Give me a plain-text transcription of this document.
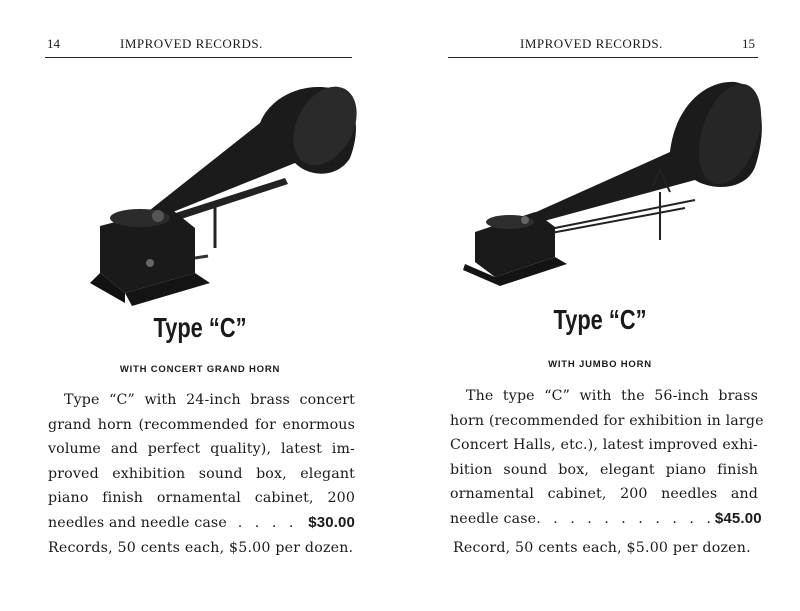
14	IMPROVED RECORDS.
Type “C”
WITH CONCERT GRAND HORN
Type “C” with 24-inch brass concert
grand horn (recommended for enormous
volume and perfect quality), latest im-
proved exhibition sound box, elegant
piano finish ornamental cabinet, 200
needles and needle case . . . . $30.00
Records, 50 cents each, $5.00 per dozen.
IMPROVED RECORDS.	15
Type “C”
WITH JUMBO HORN
The type “C” with the 56-inch brass
horn (recommended for exhibition in large
Concert Halls, etc.), latest improved exhi-
bition sound box, elegant piano finish
ornamental cabinet, 200 needles and
needle case . . . . . . . . . . . $45.00
Record, 50 cents each, $5.00 per dozen.
